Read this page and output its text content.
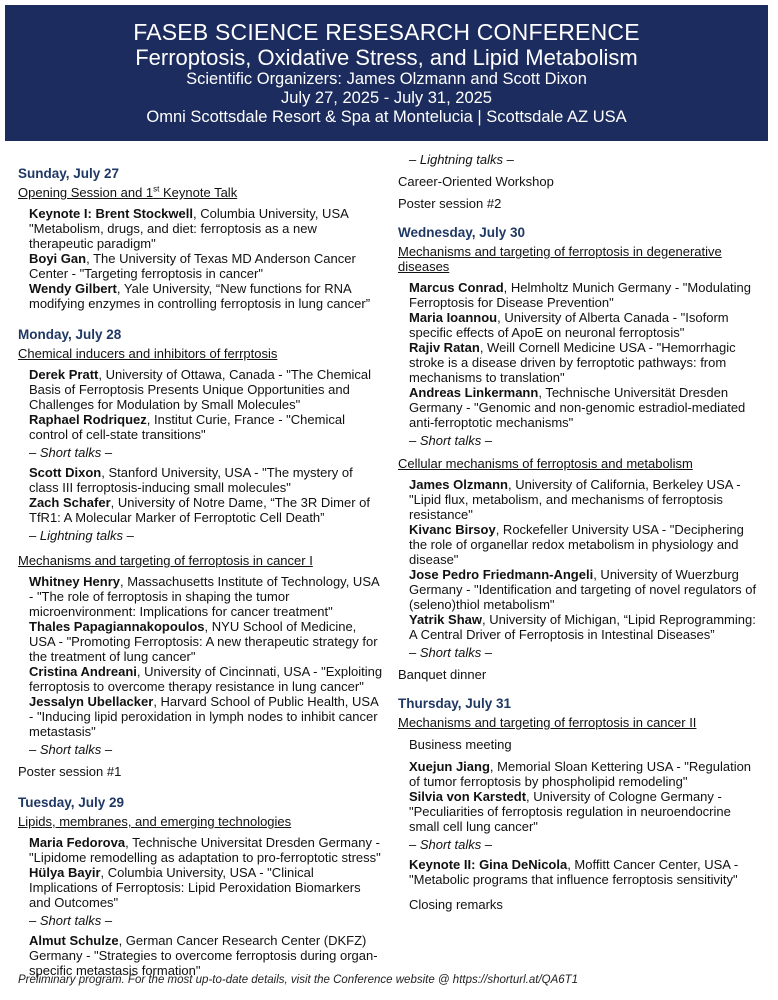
FASEB SCIENCE RESESARCH CONFERENCE
Ferroptosis, Oxidative Stress, and Lipid Metabolism
Scientific Organizers: James Olzmann and Scott Dixon
July 27, 2025 - July 31, 2025
Omni Scottsdale Resort & Spa at Montelucia | Scottsdale AZ USA
Sunday, July 27
Opening Session and 1st Keynote Talk
Keynote I: Brent Stockwell, Columbia University, USA "Metabolism, drugs, and diet: ferroptosis as a new therapeutic paradigm"
Boyi Gan, The University of Texas MD Anderson Cancer Center - "Targeting ferroptosis in cancer"
Wendy Gilbert, Yale University, “New functions for RNA modifying enzymes in controlling ferroptosis in lung cancer”
Monday, July 28
Chemical inducers and inhibitors of ferrptosis
Derek Pratt, University of Ottawa, Canada - "The Chemical Basis of Ferroptosis Presents Unique Opportunities and Challenges for Modulation by Small Molecules"
Raphael Rodriquez, Institut Curie, France - "Chemical control of cell-state transitions"
– Short talks –
Scott Dixon, Stanford University, USA - "The mystery of class III ferroptosis-inducing small molecules"
Zach Schafer, University of Notre Dame, “The 3R Dimer of TfR1: A Molecular Marker of Ferroptotic Cell Death”
– Lightning talks –
Mechanisms and targeting of ferroptosis in cancer I
Whitney Henry, Massachusetts Institute of Technology, USA - "The role of ferroptosis in shaping the tumor microenvironment: Implications for cancer treatment"
Thales Papagiannakopoulos, NYU School of Medicine, USA - "Promoting Ferroptosis: A new therapeutic strategy for the treatment of lung cancer"
Cristina Andreani, University of Cincinnati, USA - "Exploiting ferroptosis to overcome therapy resistance in lung cancer"
Jessalyn Ubellacker, Harvard School of Public Health, USA - "Inducing lipid peroxidation in lymph nodes to inhibit cancer metastasis"
– Short talks –
Poster session #1
Tuesday, July 29
Lipids, membranes, and emerging technologies
Maria Fedorova, Technische Universitat Dresden Germany - "Lipidome remodelling as adaptation to pro-ferroptotic stress"
Hülya Bayir, Columbia University, USA - "Clinical Implications of Ferroptosis: Lipid Peroxidation Biomarkers and Outcomes"
– Short talks –
Almut Schulze, German Cancer Research Center (DKFZ) Germany - "Strategies to overcome ferroptosis during organ-specific metastasis formation"
– Lightning talks –
Career-Oriented Workshop
Poster session #2
Wednesday, July 30
Mechanisms and targeting of ferroptosis in degenerative diseases
Marcus Conrad, Helmholtz Munich Germany - "Modulating Ferroptosis for Disease Prevention"
Maria Ioannou, University of Alberta Canada - "Isoform specific effects of ApoE on neuronal ferroptosis"
Rajiv Ratan, Weill Cornell Medicine USA - "Hemorrhagic stroke is a disease driven by ferroptotic pathways: from mechanisms to translation"
Andreas Linkermann, Technische Universität Dresden Germany - "Genomic and non-genomic estradiol-mediated anti-ferroptotic mechanisms"
– Short talks –
Cellular mechanisms of ferroptosis and metabolism
James Olzmann, University of California, Berkeley USA - "Lipid flux, metabolism, and mechanisms of ferroptosis resistance"
Kivanc Birsoy, Rockefeller University USA - "Deciphering the role of organellar redox metabolism in physiology and disease"
Jose Pedro Friedmann-Angeli, University of Wuerzburg Germany - "Identification and targeting of novel regulators of (seleno)thiol metabolism"
Yatrik Shaw, University of Michigan, “Lipid Reprogramming: A Central Driver of Ferroptosis in Intestinal Diseases”
– Short talks –
Banquet dinner
Thursday, July 31
Mechanisms and targeting of ferroptosis in cancer II
Business meeting
Xuejun Jiang, Memorial Sloan Kettering USA - "Regulation of tumor ferroptosis by phospholipid remodeling"
Silvia von Karstedt, University of Cologne Germany - "Peculiarities of ferroptosis regulation in neuroendocrine small cell lung cancer"
– Short talks –
Keynote II: Gina DeNicola, Moffitt Cancer Center, USA - "Metabolic programs that influence ferroptosis sensitivity"
Closing remarks
Preliminary program. For the most up-to-date details, visit the Conference website @ https://shorturl.at/QA6T1
